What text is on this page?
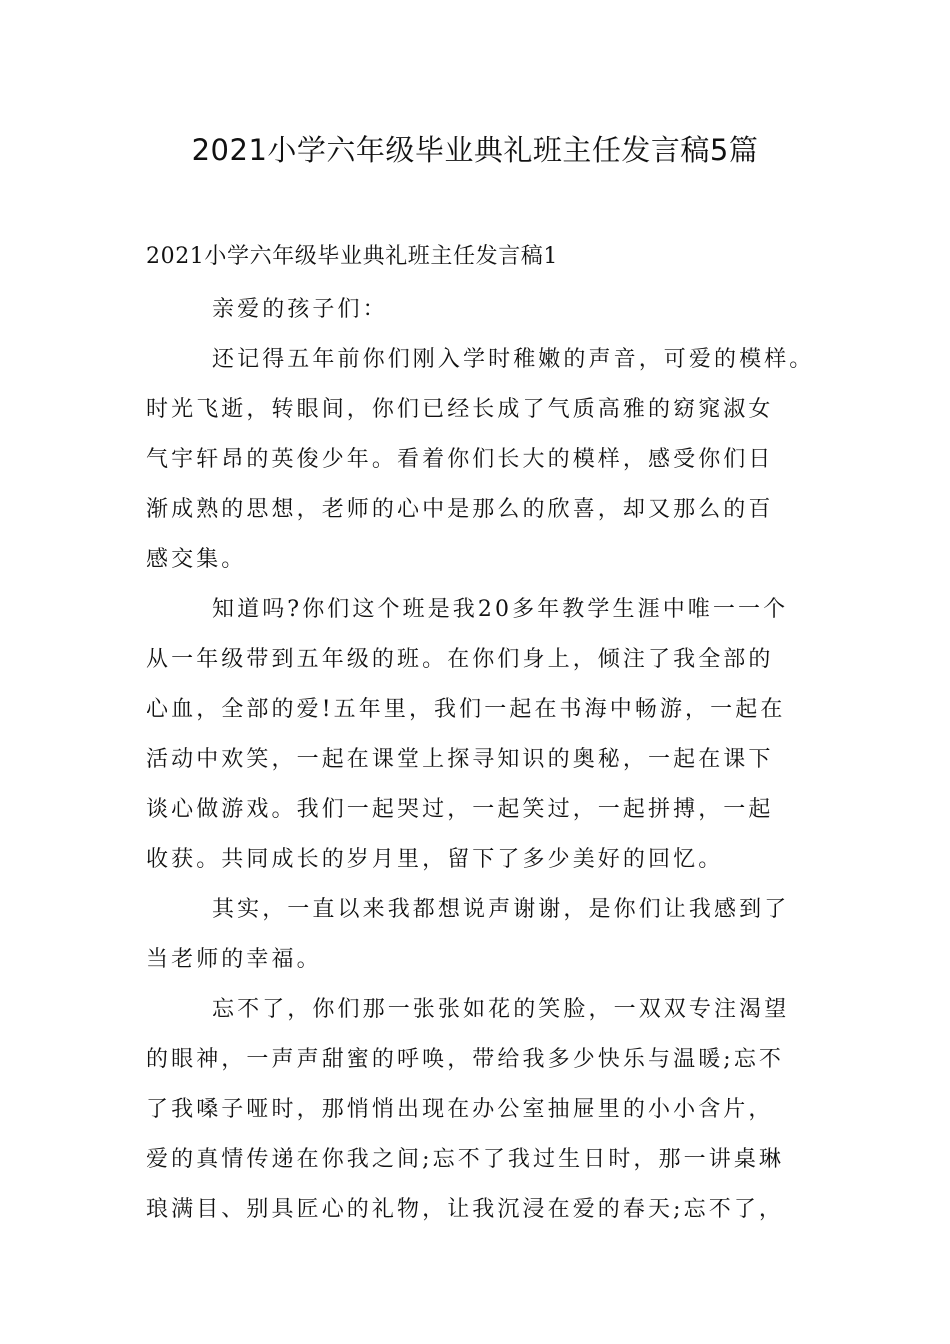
2021小学六年级毕业典礼班主任发言稿5篇
2021小学六年级毕业典礼班主任发言稿1
亲爱的孩子们：
还记得五年前你们刚入学时稚嫩的声音，可爱的模样。
时光飞逝，转眼间，你们已经长成了气质高雅的窈窕淑女
气宇轩昂的英俊少年。看着你们长大的模样，感受你们日
渐成熟的思想，老师的心中是那么的欣喜，却又那么的百
感交集。
知道吗?你们这个班是我20多年教学生涯中唯一一个
从一年级带到五年级的班。在你们身上，倾注了我全部的
心血，全部的爱!五年里，我们一起在书海中畅游，一起在
活动中欢笑，一起在课堂上探寻知识的奥秘，一起在课下
谈心做游戏。我们一起哭过，一起笑过，一起拼搏，一起
收获。共同成长的岁月里，留下了多少美好的回忆。
其实，一直以来我都想说声谢谢，是你们让我感到了
当老师的幸福。
忘不了，你们那一张张如花的笑脸，一双双专注渴望
的眼神，一声声甜蜜的呼唤，带给我多少快乐与温暖;忘不
了我嗓子哑时，那悄悄出现在办公室抽屉里的小小含片，
爱的真情传递在你我之间;忘不了我过生日时，那一讲桌琳
琅满目、别具匠心的礼物，让我沉浸在爱的春天;忘不了，
